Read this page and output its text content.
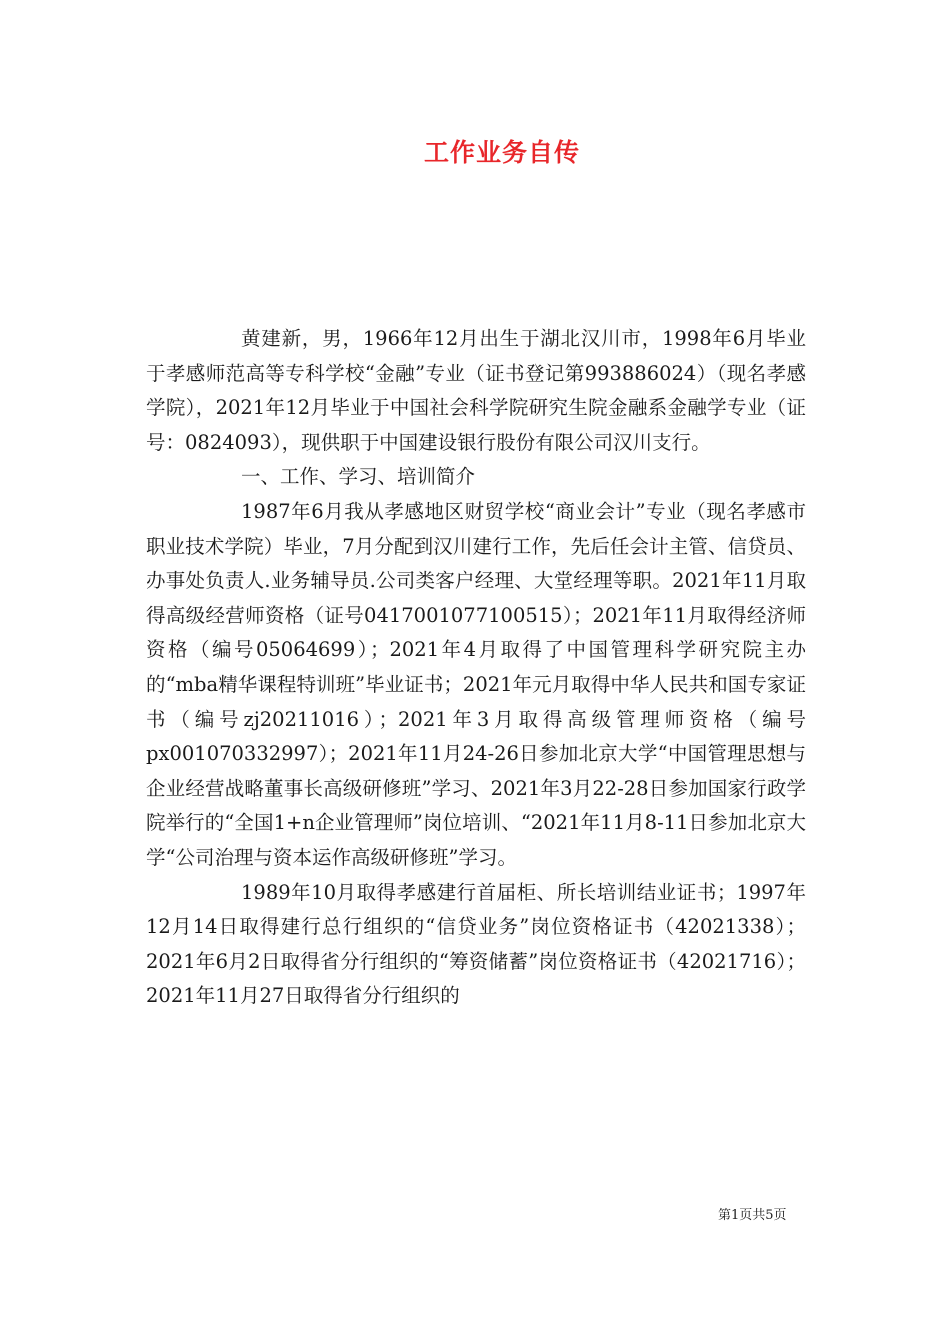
工作业务自传

黄建新，男，1966年12月出生于湖北汉川市，1998年6月毕业于孝感师范高等专科学校“金融”专业（证书登记第993886024）（现名孝感学院），2021年12月毕业于中国社会科学院研究生院金融系金融学专业（证号：0824093），现供职于中国建设银行股份有限公司汉川支行。

一、工作、学习、培训简介

1987年6月我从孝感地区财贸学校“商业会计”专业（现名孝感市职业技术学院）毕业，7月分配到汉川建行工作，先后任会计主管、信贷员、办事处负责人.业务辅导员.公司类客户经理、大堂经理等职。2021年11月取得高级经营师资格（证号0417001077100515）；2021年11月取得经济师资格（编号05064699）；2021年4月取得了中国管理科学研究院主办的“mba精华课程特训班”毕业证书；2021年元月取得中华人民共和国专家证书（编号zj20211016）；2021年3月取得高级管理师资格（编号px001070332997）；2021年11月24-26日参加北京大学“中国管理思想与企业经营战略董事长高级研修班”学习、2021年3月22-28日参加国家行政学院举行的“全国1+n企业管理师”岗位培训、“2021年11月8-11日参加北京大学“公司治理与资本运作高级研修班”学习。

1989年10月取得孝感建行首届柜、所长培训结业证书；1997年12月14日取得建行总行组织的“信贷业务”岗位资格证书（42021338）；2021年6月2日取得省分行组织的“筹资储蓄”岗位资格证书（42021716）；2021年11月27日取得省分行组织的

第1页共5页
